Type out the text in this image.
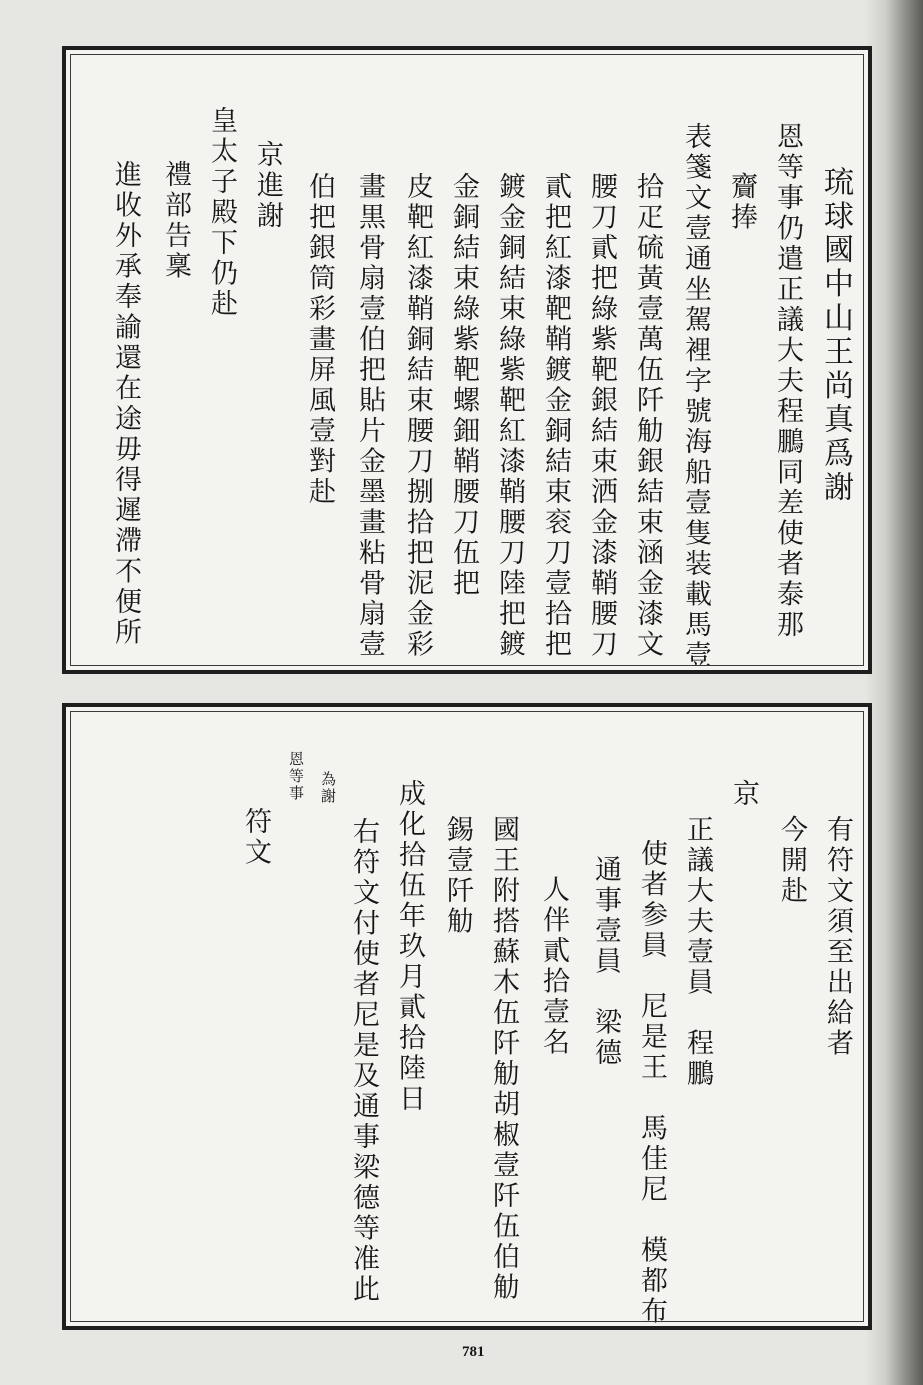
琉球國中山王尚真爲謝
恩等事仍遣正議大夫程鵬同差使者泰那
齎捧
表箋文壹通坐駕裡字號海船壹隻装載馬壹
拾疋硫黃壹萬伍阡觔銀結束涵金漆文
腰刀貳把綠紫靶銀結束洒金漆鞘腰刀
貳把紅漆靶鞘鍍金銅結束衮刀壹拾把
鍍金銅結束綠紫靶紅漆鞘腰刀陸把鍍
金銅結束綠紫靶螺鈿鞘腰刀伍把
皮靶紅漆鞘銅結束腰刀捌拾把泥金彩
畫黒骨扇壹伯把貼片金墨畫粘骨扇壹
伯把銀筒彩畫屏風壹對赴
京進謝
皇太子殿下仍赴
禮部告稟
進收外承奉諭還在途毋得遲滯不便所
有符文須至出給者
今開赴
京
正議大夫壹員　程鵬
使者参員　尼是王　馬佳尼　模都布
通事壹員　梁德
人伴貳拾壹名
國王附搭蘇木伍阡觔胡椒壹阡伍伯觔
錫壹阡觔
成化拾伍年玖月貳拾陸日
右符文付使者尼是及通事梁德等准此
為謝
恩等事
符文
781
